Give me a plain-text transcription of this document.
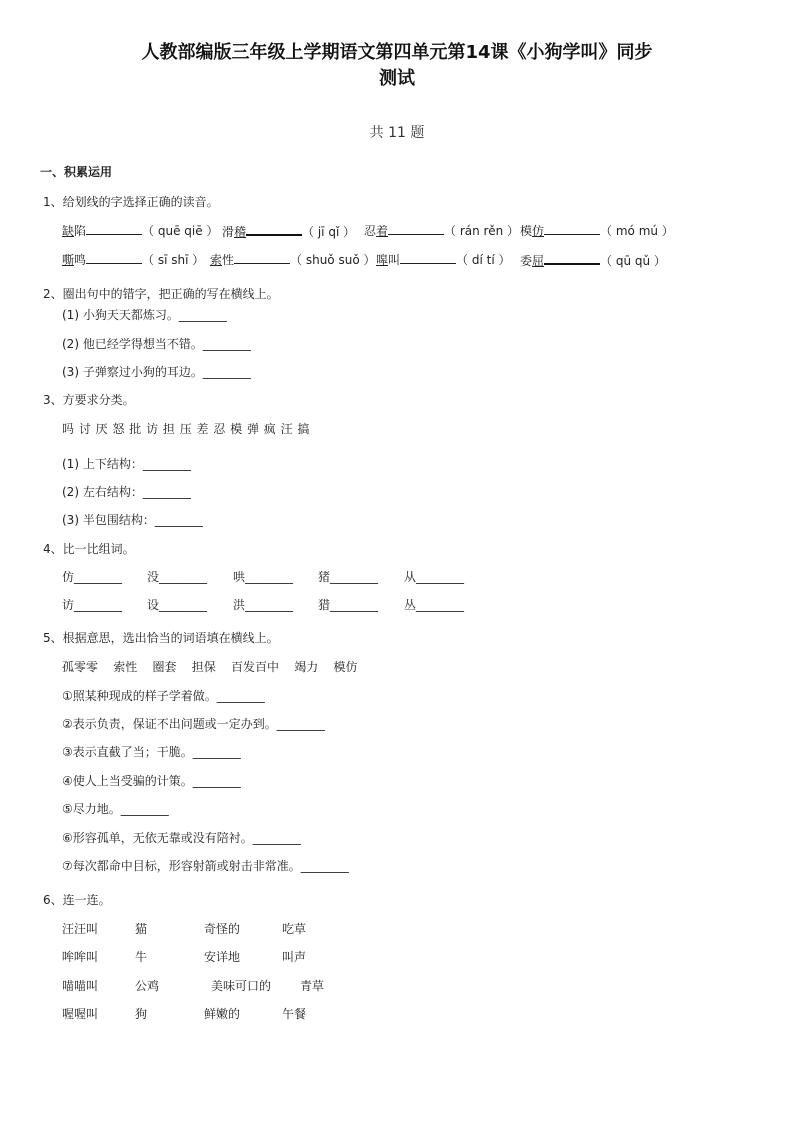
人教部编版三年级上学期语文第四单元第14课《小狗学叫》同步
测试
共 11 题
一、积累运用
1、给划线的字选择正确的读音。
缺陷	（ quē qiē ） 滑稽	（ jī qǐ ） 忍着	（ rán rěn ） 模仿	（ mó mú ）
嘶鸣	（ sī shī ） 索性	（ shuǒ suǒ ） 嗥叫	（ dí tí ） 委屈	（ qū qǔ ）
2、圈出句中的错字，把正确的写在横线上。
(1) 小狗天天都炼习。________
(2) 他已经学得想当不错。________
(3) 子弹察过小狗的耳边。________
3、方要求分类。
吗 讨 厌 怒 批 访 担 压 差 忍 模 弹 疯 汪 搞
(1) 上下结构：________
(2) 左右结构：________
(3) 半包围结构：________
4、比一比组词。
仿________ 没________ 哄________ 猪________ 从________
访________ 设________ 洪________ 猎________ 丛________
5、根据意思，选出恰当的词语填在横线上。
孤零零    索性    圈套    担保    百发百中    竭力    模仿
①照某种现成的样子学着做。________
②表示负责，保证不出问题或一定办到。________
③表示直截了当；干脆。________
④使人上当受骗的计策。________
⑤尽力地。________
⑥形容孤单，无依无靠或没有陪衬。________
⑦每次都命中目标，形容射箭或射击非常准。________
6、连一连。
汪汪叫	猫	奇怪的	吃草
哞哞叫	牛	安详地	叫声
喵喵叫	公鸡	美味可口的 青草
喔喔叫	狗	鲜嫩的	午餐
